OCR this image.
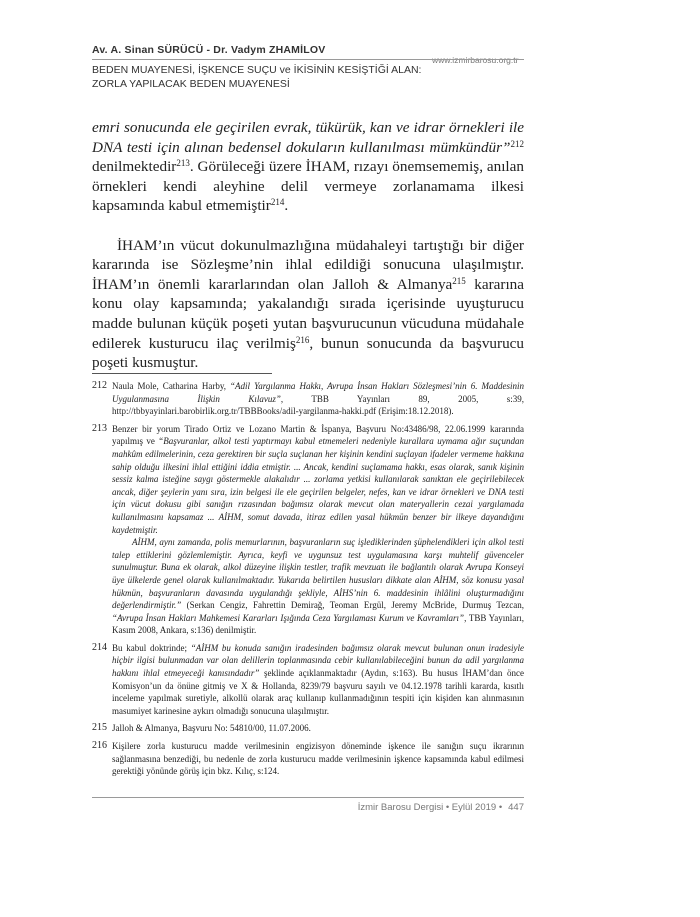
Av. A. Sinan SÜRÜCÜ - Dr. Vadym ZHAMİLOV
www.izmirbarosu.org.tr
BEDEN MUAYENESİ, İŞKENCE SUÇU ve İKİSİNİN KESİŞTİĞİ ALAN:
ZORLA YAPILACAK BEDEN MUAYENESİ

emri sonucunda ele geçirilen evrak, tükürük, kan ve idrar örnekleri ile DNA testi için alınan bedensel dokuların kullanılması mümkündür”$^{212}$ denilmektedir$^{213}$. Görüleceği üzere İHAM, rızayı önemsememiş, anılan örnekleri kendi aleyhine delil vermeye zorlanamama ilkesi kapsamında kabul etmemiştir$^{214}$.

İHAM’ın vücut dokunulmazlığına müdahaleyi tartıştığı bir diğer kararında ise Sözleşme’nin ihlal edildiği sonucuna ulaşılmıştır. İHAM’ın önemli kararlarından olan Jalloh & Almanya$^{215}$ kararına konu olay kapsamında; yakalandığı sırada içerisinde uyuşturucu madde bulunan küçük poşeti yutan başvurucunun vücuduna müdahale edilerek kusturucu ilaç verilmiş$^{216}$, bunun sonucunda da başvurucu poşeti kusmuştur.

212 Naula Mole, Catharina Harby, “Adil Yargılanma Hakkı, Avrupa İnsan Hakları Sözleşmesi’nin 6. Maddesinin Uygulanmasına İlişkin Kılavuz”, TBB Yayınları 89, 2005, s:39, http://tbbyayinlari.barobirlik.org.tr/TBBBooks/adil-yargilanma-hakki.pdf (Erişim:18.12.2018).

213 Benzer bir yorum Tirado Ortiz ve Lozano Martin & İspanya, Başvuru No:43486/98, 22.06.1999 kararında yapılmış ve “Başvuranlar, alkol testi yaptırmayı kabul etmemeleri nedeniyle kurallara uymama ağır suçundan mahkûm edilmelerinin, ceza gerektiren bir suçla suçlanan her kişinin kendini suçlayan ifadeler vermeme hakkına sahip olduğu ilkesini ihlal ettiğini iddia etmiştir. ... Ancak, kendini suçlamama hakkı, esas olarak, sanık kişinin sessiz kalma isteğine saygı göstermekle alakalıdır ... zorlama yetkisi kullanılarak sanıktan ele geçirilebilecek ancak, diğer şeylerin yanı sıra, izin belgesi ile ele geçirilen belgeler, nefes, kan ve idrar örnekleri ve DNA testi için vücut dokusu gibi sanığın rızasından bağımsız olarak mevcut olan materyallerin cezai yargılamada kullanılmasını kapsamaz ... AİHM, somut davada, itiraz edilen yasal hükmün benzer bir ilkeye dayandığını kaydetmiştir.

AİHM, aynı zamanda, polis memurlarının, başvuranların suç işlediklerinden şüphelendikleri için alkol testi talep ettiklerini gözlemlemiştir. Ayrıca, keyfi ve uygunsuz test uygulamasına karşı muhtelif güvenceler sunulmuştur. Buna ek olarak, alkol düzeyine ilişkin testler, trafik mevzuatı ile bağlantılı olarak Avrupa Konseyi üye ülkelerde genel olarak kullanılmaktadır. Yukarıda belirtilen hususları dikkate alan AİHM, söz konusu yasal hükmün, başvuranların davasında uygulandığı şekliyle, AİHS’nin 6. maddesinin ihlâlini oluşturmadığını değerlendirmiştir.” (Serkan Cengiz, Fahrettin Demirağ, Teoman Ergül, Jeremy McBride, Durmuş Tezcan, “Avrupa İnsan Hakları Mahkemesi Kararları Işığında Ceza Yargılaması Kurum ve Kavramları”, TBB Yayınları, Kasım 2008, Ankara, s:136) denilmiştir.

214 Bu kabul doktrinde; “AİHM bu konuda sanığın iradesinden bağımsız olarak mevcut bulunan onun iradesiyle hiçbir ilgisi bulunmadan var olan delillerin toplanmasında cebir kullanılabileceğini bunun da adil yargılanma hakkını ihlal etmeyeceği kanısındadır” şeklinde açıklanmaktadır (Aydın, s:163). Bu husus İHAM’dan önce Komisyon’un da önüne gitmiş ve X & Hollanda, 8239/79 başvuru sayılı ve 04.12.1978 tarihli kararda, kısıtlı inceleme yapılmak suretiyle, alkollü olarak araç kullanıp kullanmadığının tespiti için kişiden kan alınmasının masumiyet karinesine aykırı olmadığı sonucuna ulaşılmıştır.

215 Jalloh & Almanya, Başvuru No: 54810/00, 11.07.2006.

216 Kişilere zorla kusturucu madde verilmesinin engizisyon döneminde işkence ile sanığın suçu ikrarının sağlanmasına benzediği, bu nedenle de zorla kusturucu madde verilmesinin işkence kapsamında kabul edilmesi gerektiği yönünde görüş için bkz. Kılıç, s:124.

İzmir Barosu Dergisi • Eylül 2019 • 447
